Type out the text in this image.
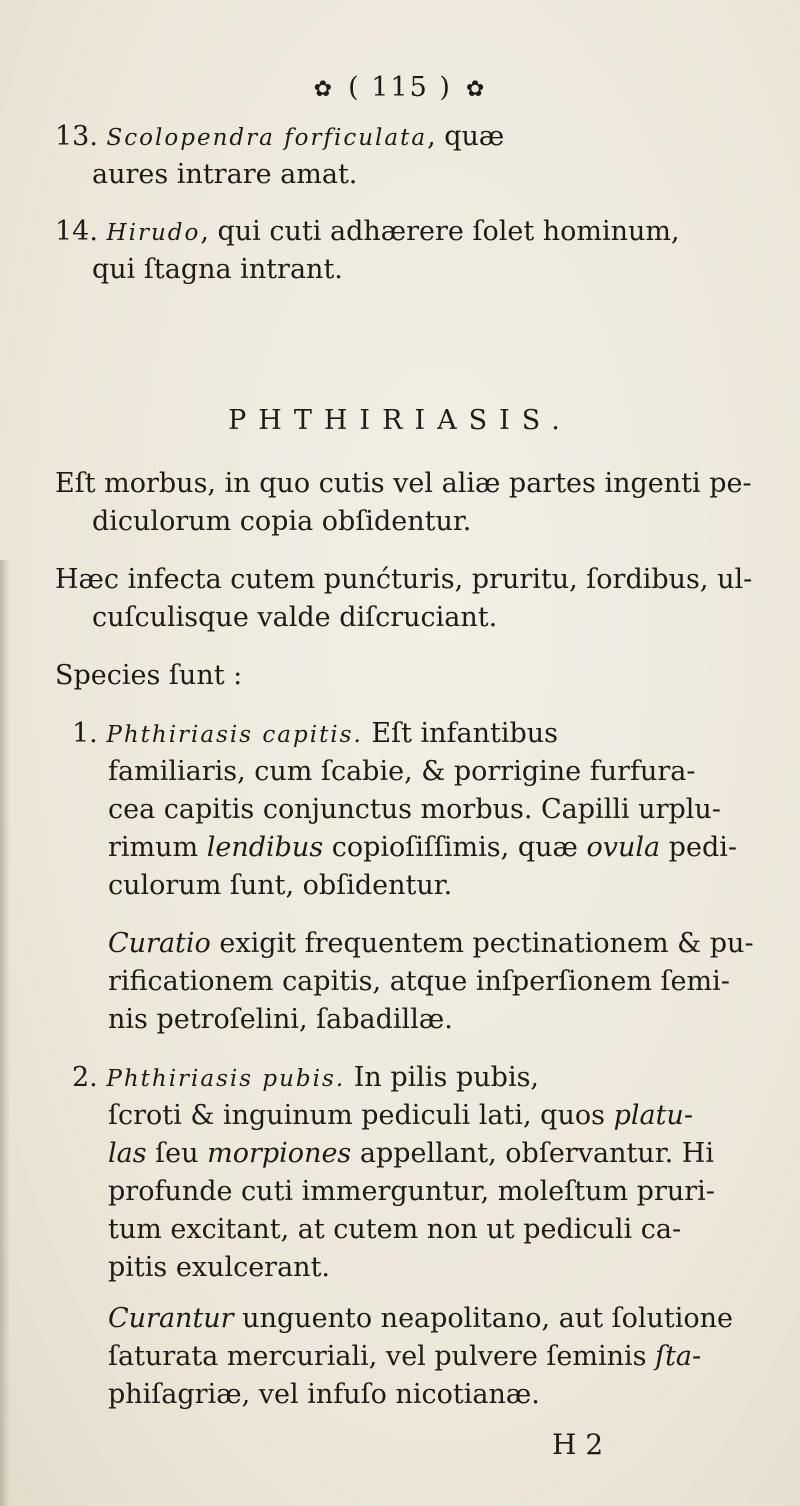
✿ ( 115 ) ✿
13. Scolopendra forficulata, quæ
aures intrare amat.
14. Hirudo, qui cuti adhærere ſolet hominum,
qui ſtagna intrant.
PHTHIRIASIS.
Eſt morbus, in quo cutis vel aliæ partes ingenti pe-
diculorum copia obſidentur.
Hæc infecta cutem punćturis, pruritu, ſordibus, ul-
cuſculisque valde diſcruciant.
Species ſunt :
1. Phthiriasis capitis. Eſt infantibus
familiaris, cum ſcabie, & porrigine furfura-
cea capitis conjunctus morbus. Capilli urplu-
rimum lendibus copioſiſſimis, quæ ovula pedi-
culorum ſunt, obſidentur.
Curatio exigit frequentem pectinationem & pu-
rificationem capitis, atque inſperſionem ſemi-
nis petroſelini, ſabadillæ.
2. Phthiriasis pubis. In pilis pubis,
ſcroti & inguinum pediculi lati, quos platu-
las ſeu morpiones appellant, obſervantur. Hi
profunde cuti immerguntur, moleſtum pruri-
tum excitant, at cutem non ut pediculi ca-
pitis exulcerant.
Curantur unguento neapolitano, aut ſolutione
ſaturata mercuriali, vel pulvere ſeminis ſta-
phiſagriæ, vel infuſo nicotianæ.
H 2
